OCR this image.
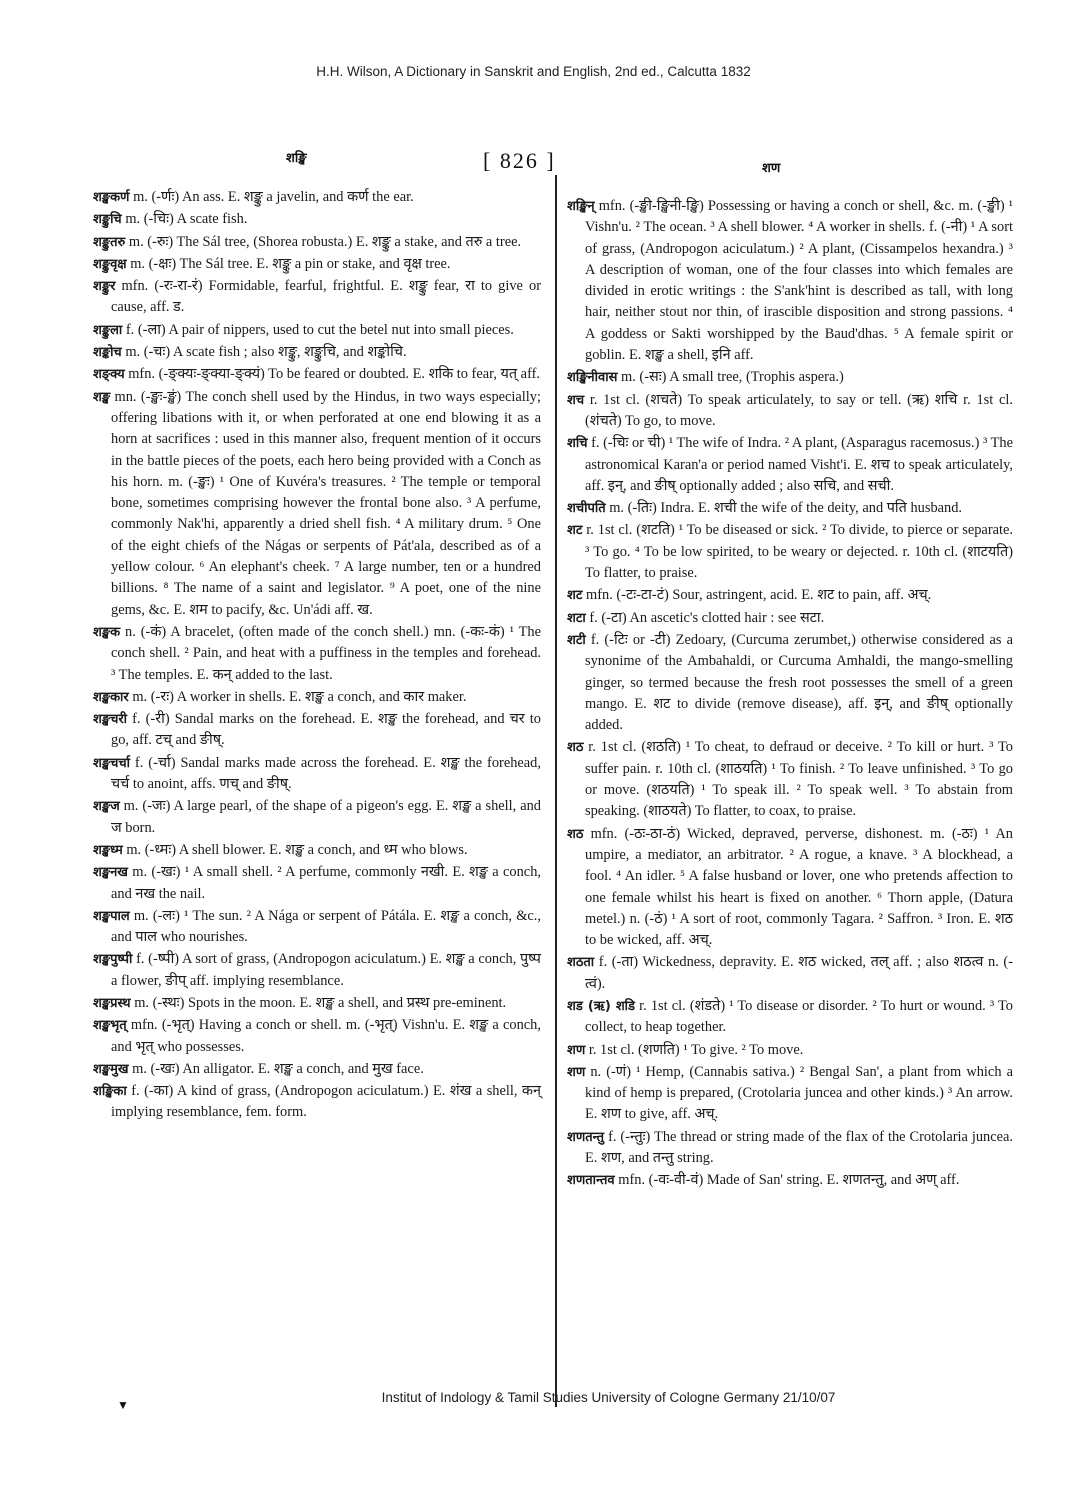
H.H. Wilson, A Dictionary in Sanskrit and English, 2nd ed., Calcutta 1832
शङ्खि	[ 826 ]	शण
शङ्खकर्ण m. (-र्णः) An ass. E. शङ्कु a javelin, and कर्ण the ear.
शङ्कुचि m. (-चिः) A scate fish.
शङ्कुतरु m. (-रुः) The Sál tree, (Shorea robusta.) E. शङ्कु a stake, and तरु a tree.
शङ्कुवृक्ष m. (-क्षः) The Sál tree. E. शङ्कु a pin or stake, and वृक्ष tree.
शङ्कुर mfn. (-रः-रा-रं) Formidable, fearful, frightful. E. शङ्कु fear, रा to give or cause, aff. ड.
शङ्कुला f. (-ला) A pair of nippers, used to cut the betel nut into small pieces.
शङ्कोच m. (-चः) A scate fish ; also शङ्कु, शङ्कुचि, and शङ्कोचि.
शङ्क्य mfn. (-ङ्क्यः-ङ्क्या-ङ्क्यं) To be feared or doubted. E. शकि to fear, यत् aff.
शङ्ख mn. (-ङ्खः-ङ्खं) The conch shell used by the Hindus, in two ways especially; offering libations with it, or when perforated at one end blowing it as a horn at sacrifices : used in this manner also, frequent mention of it occurs in the battle pieces of the poets, each hero being provided with a Conch as his horn. m. (-ङ्खः) ¹ One of Kuvéra's treasures. ² The temple or temporal bone, sometimes comprising however the frontal bone also. ³ A perfume, commonly Nak'hi, apparently a dried shell fish. ⁴ A military drum. ⁵ One of the eight chiefs of the Nágas or serpents of Pát'ala, described as of a yellow colour. ⁶ An elephant's cheek. ⁷ A large number, ten or a hundred billions. ⁸ The name of a saint and legislator. ⁹ A poet, one of the nine gems, &c. E. शम to pacify, &c. Un'ádi aff. ख.
शङ्खक n. (-कं) A bracelet, (often made of the conch shell.) mn. (-कः-कं) ¹ The conch shell. ² Pain, and heat with a puffiness in the temples and forehead. ³ The temples. E. कन् added to the last.
शङ्खकार m. (-रः) A worker in shells. E. शङ्ख a conch, and कार maker.
शङ्खचरी f. (-री) Sandal marks on the forehead. E. शङ्ख the forehead, and चर to go, aff. टच् and ङीष्.
शङ्खचर्चा f. (-र्चा) Sandal marks made across the forehead. E. शङ्ख the forehead, चर्च to anoint, affs. णच् and ङीष्.
शङ्खज m. (-जः) A large pearl, of the shape of a pigeon's egg. E. शङ्ख a shell, and ज born.
शङ्खध्म m. (-ध्मः) A shell blower. E. शङ्ख a conch, and ध्म who blows.
शङ्खनख m. (-खः) ¹ A small shell. ² A perfume, commonly नखी. E. शङ्ख a conch, and नख the nail.
शङ्खपाल m. (-लः) ¹ The sun. ² A Nága or serpent of Pátála. E. शङ्ख a conch, &c., and पाल who nourishes.
शङ्खपुष्पी f. (-ष्पी) A sort of grass, (Andropogon aciculatum.) E. शङ्ख a conch, पुष्प a flower, ङीप् aff. implying resemblance.
शङ्खप्रस्थ m. (-स्थः) Spots in the moon. E. शङ्ख a shell, and प्रस्थ pre-eminent.
शङ्खभृत् mfn. (-भृत्) Having a conch or shell. m. (-भृत्) Vishn'u. E. शङ्ख a conch, and भृत् who possesses.
शङ्खमुख m. (-खः) An alligator. E. शङ्ख a conch, and मुख face.
शङ्खिका f. (-का) A kind of grass, (Andropogon aciculatum.) E. शंख a shell, कन् implying resemblance, fem. form.
शङ्खिन् mfn. (-ङ्खी-ङ्खिनी-ङ्खि) Possessing or having a conch or shell, &c. m. (-ङ्खी) ¹ Vishn'u. ² The ocean. ³ A shell blower. ⁴ A worker in shells. f. (-नी) ¹ A sort of grass, (Andropogon aciculatum.) ² A plant, (Cissampelos hexandra.) ³ A description of woman, one of the four classes into which females are divided in erotic writings : the S'ank'hint is described as tall, with long hair, neither stout nor thin, of irascible disposition and strong passions. ⁴ A goddess or Sakti worshipped by the Baud'dhas. ⁵ A female spirit or goblin. E. शङ्ख a shell, इनि aff.
शङ्खिनीवास m. (-सः) A small tree, (Trophis aspera.)
शच r. 1st cl. (शचते) To speak articulately, to say or tell. (ऋ) शचि r. 1st cl. (शंचते) To go, to move.
शचि f. (-चिः or ची) ¹ The wife of Indra. ² A plant, (Asparagus racemosus.) ³ The astronomical Karan'a or period named Visht'i. E. शच to speak articulately, aff. इन्, and ङीष् optionally added ; also सचि, and सची.
शचीपति m. (-तिः) Indra. E. शची the wife of the deity, and पति husband.
शट r. 1st cl. (शटति) ¹ To be diseased or sick. ² To divide, to pierce or separate. ³ To go. ⁴ To be low spirited, to be weary or dejected. r. 10th cl. (शाटयति) To flatter, to praise.
शट mfn. (-टः-टा-टं) Sour, astringent, acid. E. शट to pain, aff. अच्.
शटा f. (-टा) An ascetic's clotted hair : see सटा.
शटी f. (-टिः or -टी) Zedoary, (Curcuma zerumbet,) otherwise considered as a synonime of the Ambahaldi, or Curcuma Amhaldi, the mango-smelling ginger, so termed because the fresh root possesses the smell of a green mango. E. शट to divide (remove disease), aff. इन्, and ङीष् optionally added.
शठ r. 1st cl. (शठति) ¹ To cheat, to defraud or deceive. ² To kill or hurt. ³ To suffer pain. r. 10th cl. (शाठयति) ¹ To finish. ² To leave unfinished. ³ To go or move. (शठयति) ¹ To speak ill. ² To speak well. ³ To abstain from speaking. (शाठयते) To flatter, to coax, to praise.
शठ mfn. (-ठः-ठा-ठं) Wicked, depraved, perverse, dishonest. m. (-ठः) ¹ An umpire, a mediator, an arbitrator. ² A rogue, a knave. ³ A blockhead, a fool. ⁴ An idler. ⁵ A false husband or lover, one who pretends affection to one female whilst his heart is fixed on another. ⁶ Thorn apple, (Datura metel.) n. (-ठं) ¹ A sort of root, commonly Tagara. ² Saffron. ³ Iron. E. शठ to be wicked, aff. अच्.
शठता f. (-ता) Wickedness, depravity. E. शठ wicked, तल् aff. ; also शठत्व n. (-त्वं).
शड (ऋ) शडि r. 1st cl. (शंडते) ¹ To disease or disorder. ² To hurt or wound. ³ To collect, to heap together.
शण r. 1st cl. (शणति) ¹ To give. ² To move.
शण n. (-णं) ¹ Hemp, (Cannabis sativa.) ² Bengal San', a plant from which a kind of hemp is prepared, (Crotolaria juncea and other kinds.) ³ An arrow. E. शण to give, aff. अच्.
शणतन्तु f. (-न्तुः) The thread or string made of the flax of the Crotolaria juncea. E. शण, and तन्तु string.
शणतान्तव mfn. (-वः-वी-वं) Made of San' string. E. शणतन्तु, and अण् aff.
▼	Institut of Indology & Tamil Studies University of Cologne Germany 21/10/07
